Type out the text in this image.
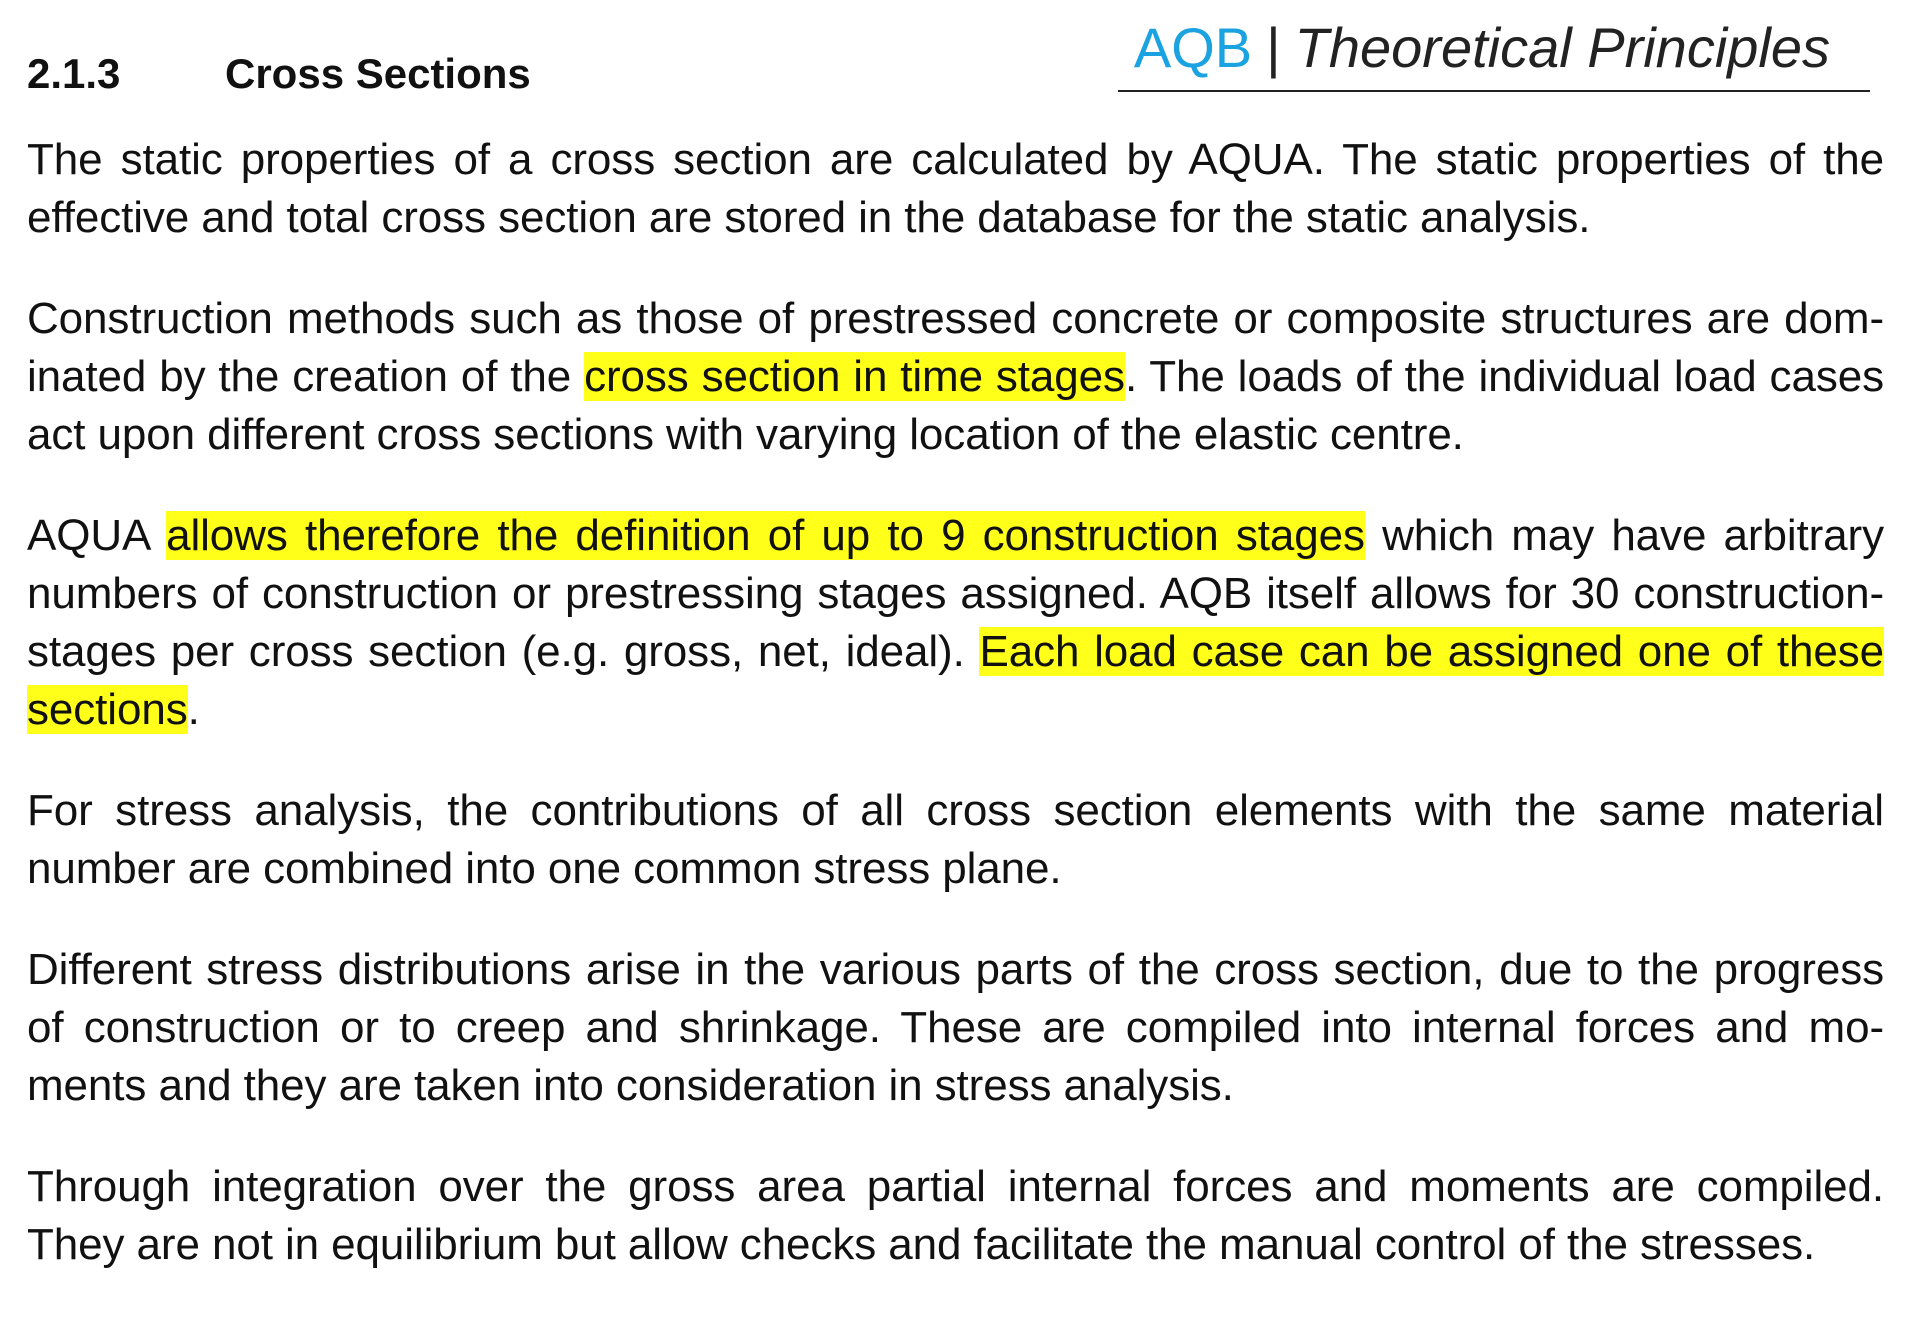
AQB | Theoretical Principles
2.1.3 Cross Sections

The static properties of a cross section are calculated by AQUA. The static properties of the
effective and total cross section are stored in the database for the static analysis.

Construction methods such as those of prestressed concrete or composite structures are dom-
inated by the creation of the cross section in time stages. The loads of the individual load cases
act upon different cross sections with varying location of the elastic centre.

AQUA allows therefore the definition of up to 9 construction stages which may have arbitrary
numbers of construction or prestressing stages assigned. AQB itself allows for 30 construction-
stages per cross section (e.g. gross, net, ideal). Each load case can be assigned one of these
sections.

For stress analysis, the contributions of all cross section elements with the same material
number are combined into one common stress plane.

Different stress distributions arise in the various parts of the cross section, due to the progress
of construction or to creep and shrinkage. These are compiled into internal forces and mo-
ments and they are taken into consideration in stress analysis.

Through integration over the gross area partial internal forces and moments are compiled.
They are not in equilibrium but allow checks and facilitate the manual control of the stresses.
